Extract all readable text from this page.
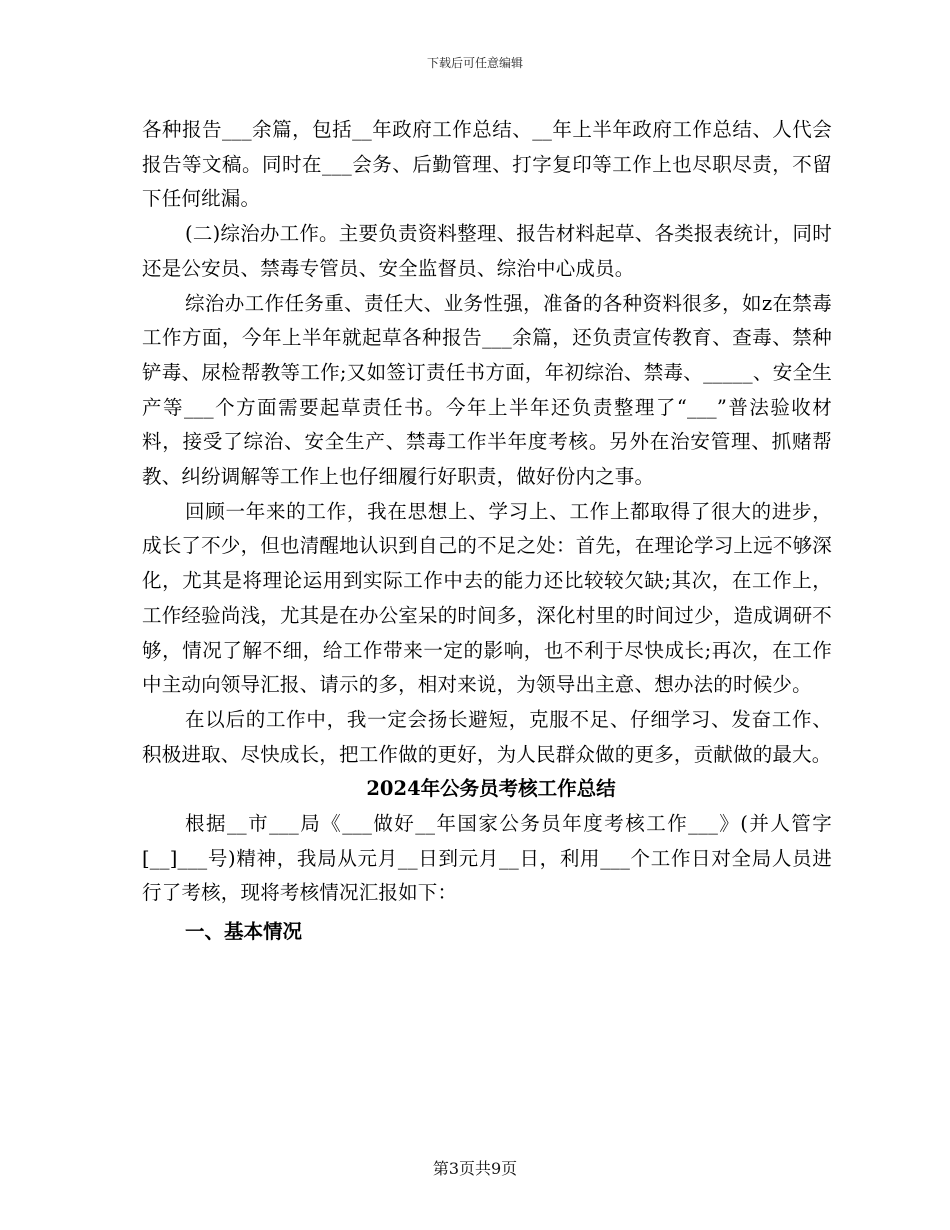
下载后可任意编辑

各种报告___余篇，包括__年政府工作总结、__年上半年政府工作总结、人代会报告等文稿。同时在___会务、后勤管理、打字复印等工作上也尽职尽责，不留下任何纰漏。

(二)综治办工作。主要负责资料整理、报告材料起草、各类报表统计，同时还是公安员、禁毒专管员、安全监督员、综治中心成员。

综治办工作任务重、责任大、业务性强，准备的各种资料很多，如z在禁毒工作方面，今年上半年就起草各种报告___余篇，还负责宣传教育、查毒、禁种铲毒、尿检帮教等工作;又如签订责任书方面，年初综治、禁毒、_____、安全生产等___个方面需要起草责任书。今年上半年还负责整理了“___”普法验收材料，接受了综治、安全生产、禁毒工作半年度考核。另外在治安管理、抓赌帮教、纠纷调解等工作上也仔细履行好职责，做好份内之事。

回顾一年来的工作，我在思想上、学习上、工作上都取得了很大的进步，成长了不少，但也清醒地认识到自己的不足之处：首先，在理论学习上远不够深化，尤其是将理论运用到实际工作中去的能力还比较较欠缺;其次，在工作上，工作经验尚浅，尤其是在办公室呆的时间多，深化村里的时间过少，造成调研不够，情况了解不细，给工作带来一定的影响，也不利于尽快成长;再次，在工作中主动向领导汇报、请示的多，相对来说，为领导出主意、想办法的时候少。

在以后的工作中，我一定会扬长避短，克服不足、仔细学习、发奋工作、积极进取、尽快成长，把工作做的更好，为人民群众做的更多，贡献做的最大。

2024年公务员考核工作总结

根据__市___局《___做好__年国家公务员年度考核工作___》(并人管字[__]___号)精神，我局从元月__日到元月__日，利用___个工作日对全局人员进行了考核，现将考核情况汇报如下：

一、基本情况

第3页共9页
